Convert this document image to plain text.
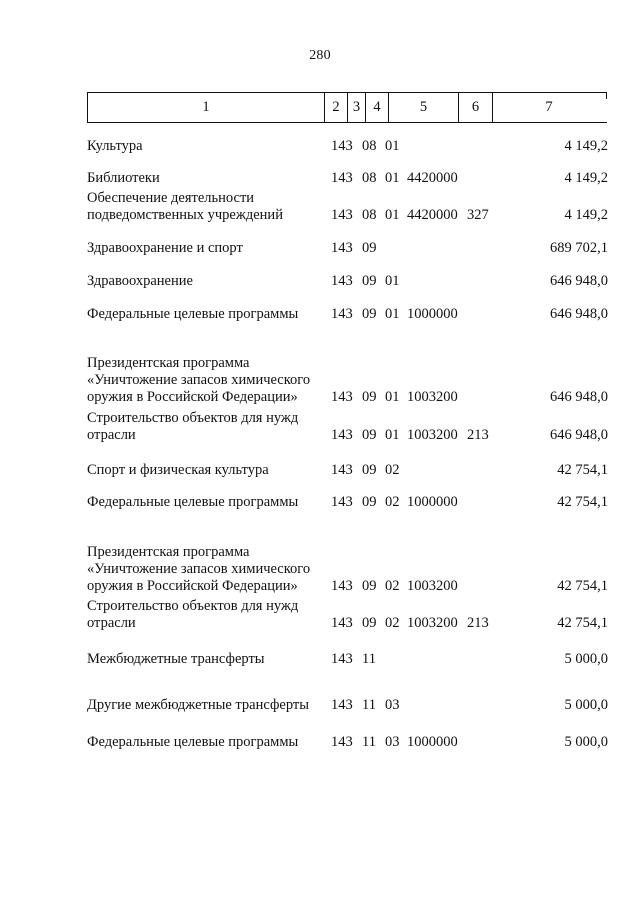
280
1	2 3 4	5	6	7
Культура	143 08 01	4 149,2
Библиотеки	143 08 01 4420000	4 149,2
Обеспечение деятельности подведомственных учреждений	143 08 01 4420000 327	4 149,2
Здравоохранение и спорт	143 09	689 702,1
Здравоохранение	143 09 01	646 948,0
Федеральные целевые программы	143 09 01 1000000	646 948,0
Президентская программа «Уничтожение запасов химического оружия в Российской Федерации»	143 09 01 1003200	646 948,0
Строительство объектов для нужд отрасли	143 09 01 1003200 213	646 948,0
Спорт и физическая культура	143 09 02	42 754,1
Федеральные целевые программы	143 09 02 1000000	42 754,1
Президентская программа «Уничтожение запасов химического оружия в Российской Федерации»	143 09 02 1003200	42 754,1
Строительство объектов для нужд отрасли	143 09 02 1003200 213	42 754,1
Межбюджетные трансферты	143 11	5 000,0
Другие межбюджетные трансферты	143 11 03	5 000,0
Федеральные целевые программы	143 11 03 1000000	5 000,0
